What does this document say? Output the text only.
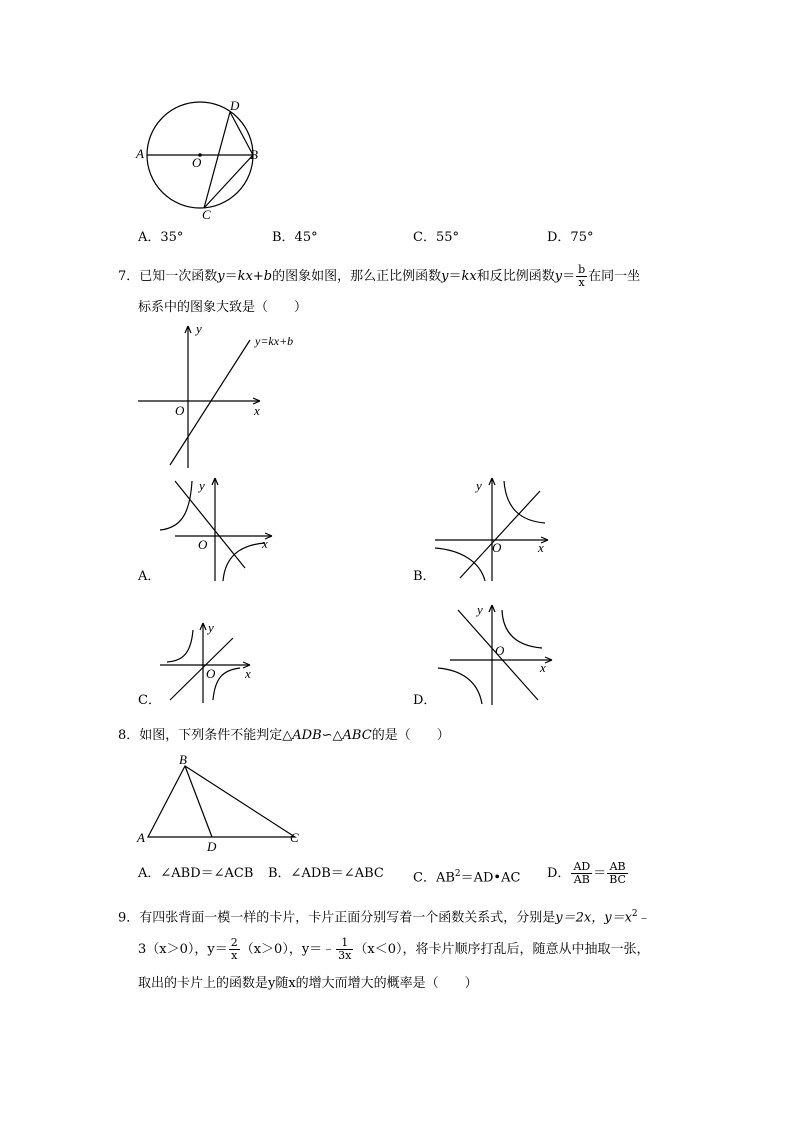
A	B
C
D
O
A．35°	B．45°	C．55°	D．75°
7．已知一次函数y＝kx+b的图象如图，那么正比例函数y＝kx和反比例函数$y= \frac{b}{x}$ 在同一坐
标系中的图象大致是（　　）
y=kx+b
y
x
O
y
x
O
A．
y
x
O
B．
y
x
O
C．
y
x
O
D．
8．如图，下列条件不能判定△ADB∽△ABC的是（　　）
B
A	C
D
A．∠ABD＝∠ACB B．∠ADB＝∠ABC C．$AB^2=AD•AC$ D． $\frac{AD}{AB} = \frac{AB}{BC}$
9．有四张背面一模一样的卡片，卡片正面分别写着一个函数关系式，分别是y＝2x，$y=x^2﹣$
3（x＞0），$y= \frac{2}{x} (x>0)$，y＝﹣ $\frac{1}{3x} (x<0)$，将卡片顺序打乱后，随意从中抽取一张，
取出的卡片上的函数是y随x的增大而增大的概率是（　　）
